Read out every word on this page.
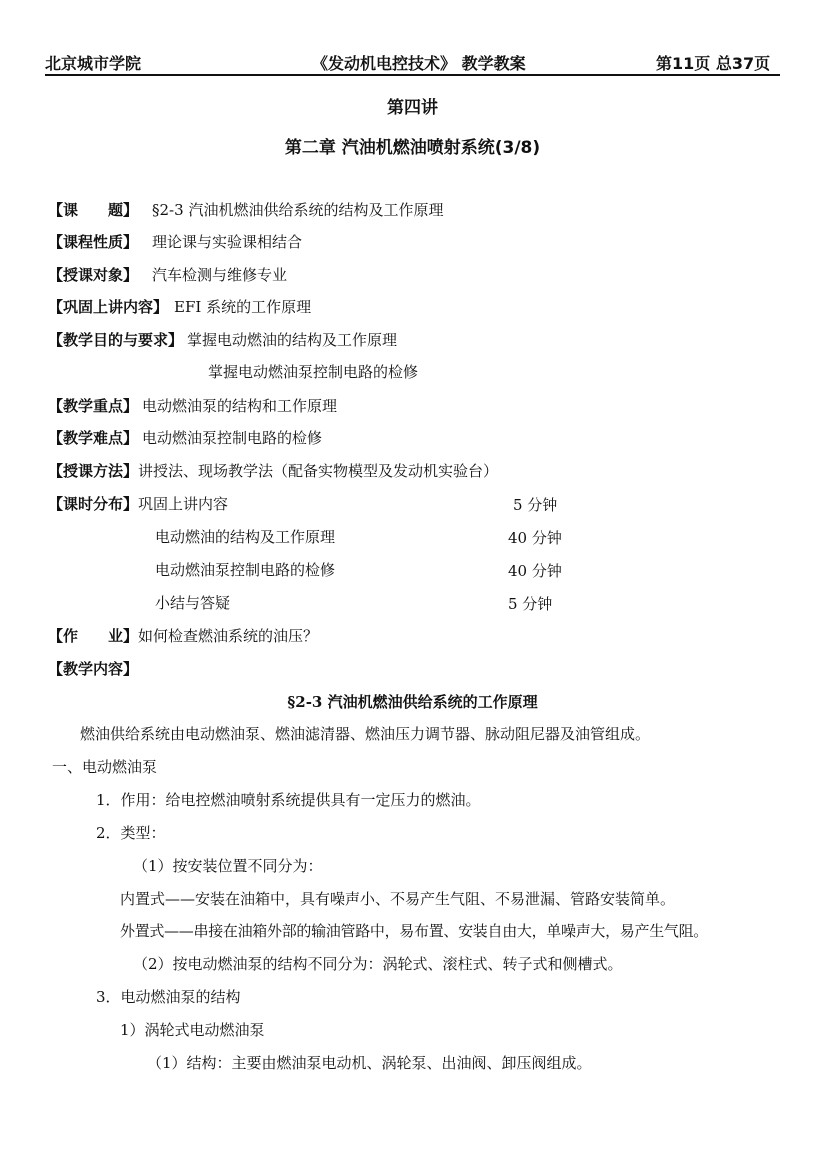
北京城市学院	《发动机电控技术》 教学教案	第11页 总37页
第四讲
第二章 汽油机燃油喷射系统(3/8)
【课　　题】 §2-3 汽油机燃油供给系统的结构及工作原理
【课程性质】 理论课与实验课相结合
【授课对象】 汽车检测与维修专业
【巩固上讲内容】 EFI 系统的工作原理
【教学目的与要求】 掌握电动燃油的结构及工作原理
掌握电动燃油泵控制电路的检修
【教学重点】 电动燃油泵的结构和工作原理
【教学难点】 电动燃油泵控制电路的检修
【授课方法】讲授法、现场教学法（配备实物模型及发动机实验台）
【课时分布】巩固上讲内容	5 分钟
电动燃油的结构及工作原理	40 分钟
电动燃油泵控制电路的检修	40 分钟
小结与答疑	5 分钟
【作　　业】如何检查燃油系统的油压？
【教学内容】
§2-3 汽油机燃油供给系统的工作原理
燃油供给系统由电动燃油泵、燃油滤清器、燃油压力调节器、脉动阻尼器及油管组成。
一、电动燃油泵
1．作用：给电控燃油喷射系统提供具有一定压力的燃油。
2．类型：
（1）按安装位置不同分为：
内置式——安装在油箱中，具有噪声小、不易产生气阻、不易泄漏、管路安装简单。
外置式——串接在油箱外部的输油管路中，易布置、安装自由大，单噪声大，易产生气阻。
（2）按电动燃油泵的结构不同分为：涡轮式、滚柱式、转子式和侧槽式。
3．电动燃油泵的结构
1）涡轮式电动燃油泵
（1）结构：主要由燃油泵电动机、涡轮泵、出油阀、卸压阀组成。
